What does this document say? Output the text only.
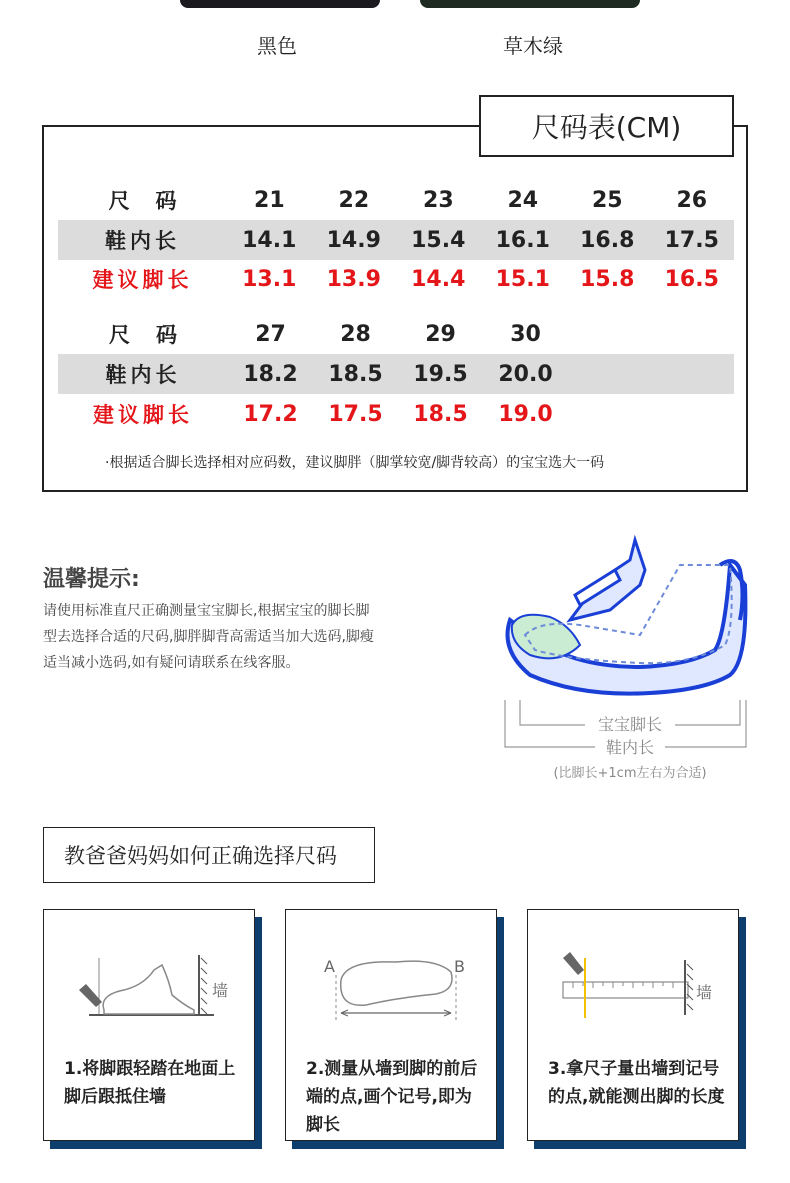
黑色	草木绿
尺码表(CM)
尺码	21	22	23	24	25	26
鞋内长	14.1	14.9	15.4	16.1	16.8	17.5
建议脚长	13.1	13.9	14.4	15.1	15.8	16.5
尺码	27	28	29	30
鞋内长	18.2	18.5	19.5	20.0
建议脚长	17.2	17.5	18.5	19.0
·根据适合脚长选择相对应码数，建议脚胖（脚掌较宽/脚背较高）的宝宝选大一码
温馨提示:
请使用标准直尺正确测量宝宝脚长,根据宝宝的脚长脚型去选择合适的尺码,脚胖脚背高需适当加大选码,脚瘦适当减小选码,如有疑问请联系在线客服。
宝宝脚长
鞋内长
(比脚长+1cm左右为合适)
教爸爸妈妈如何正确选择尺码
墙
1.将脚跟轻踏在地面上脚后跟抵住墙
A	B
2.测量从墙到脚的前后端的点,画个记号,即为脚长
墙
3.拿尺子量出墙到记号的点,就能测出脚的长度
